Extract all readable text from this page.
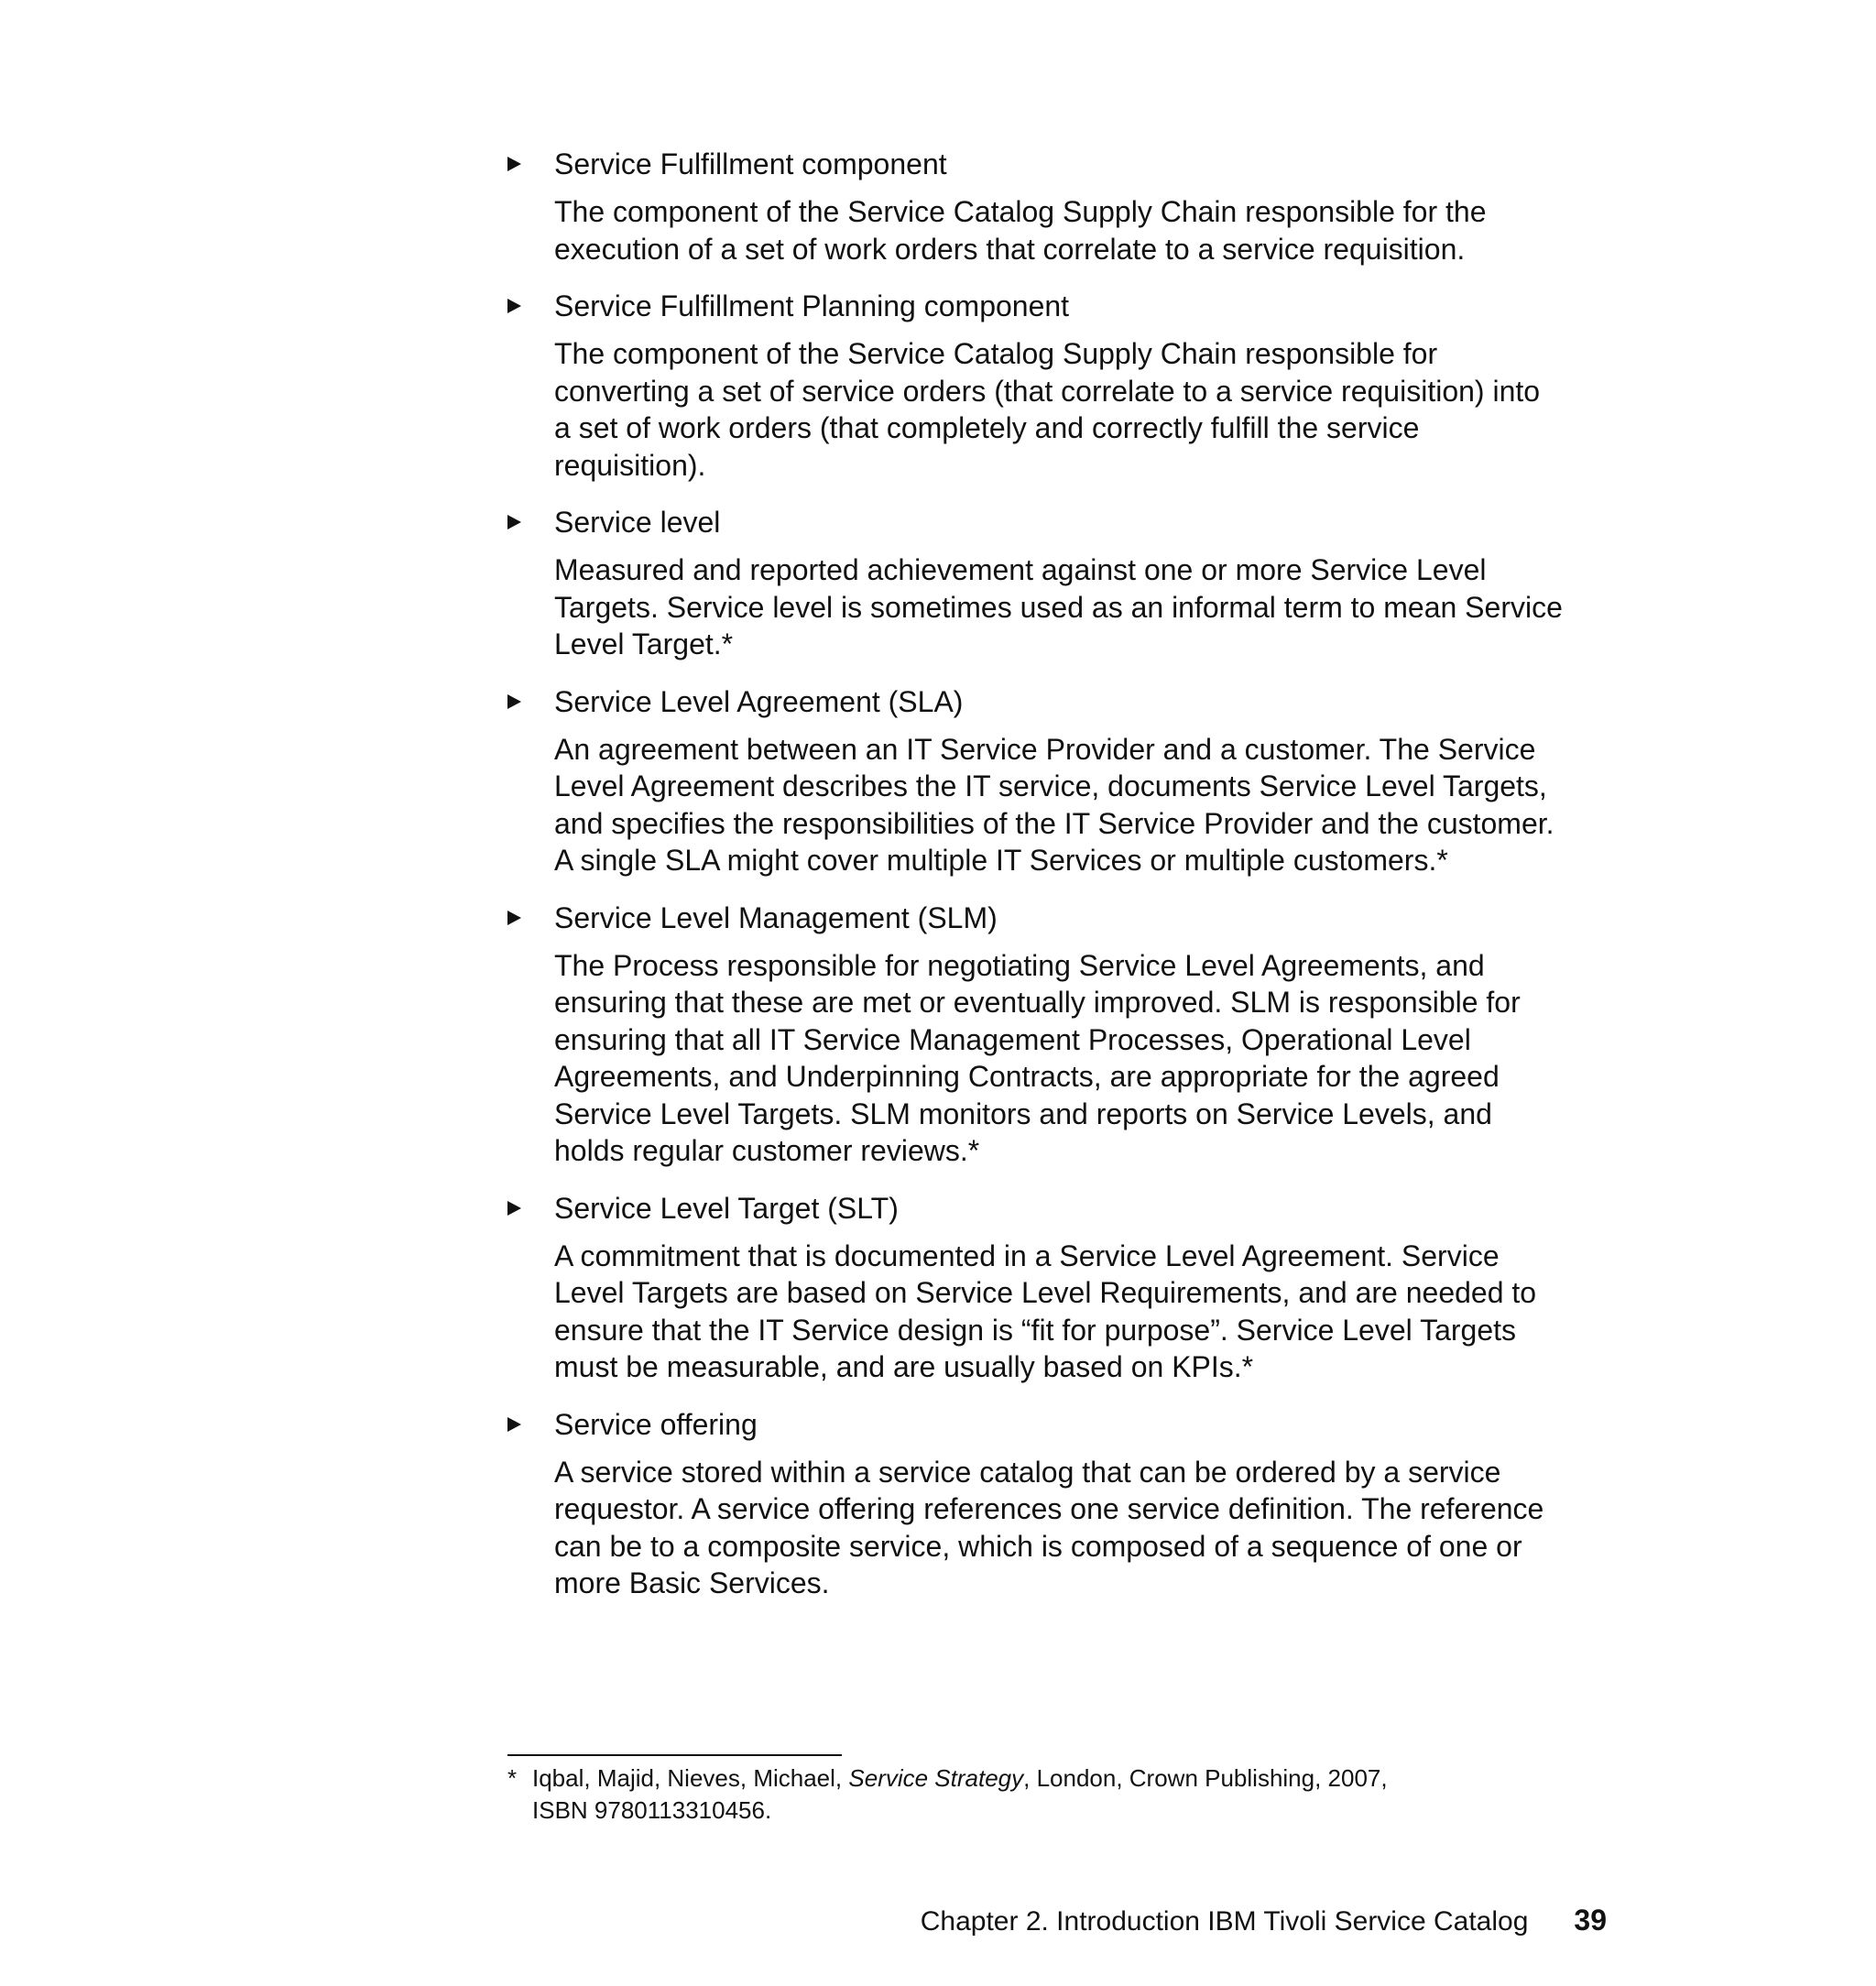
Service Fulfillment component
The component of the Service Catalog Supply Chain responsible for the
execution of a set of work orders that correlate to a service requisition.
Service Fulfillment Planning component
The component of the Service Catalog Supply Chain responsible for
converting a set of service orders (that correlate to a service requisition) into
a set of work orders (that completely and correctly fulfill the service
requisition).
Service level
Measured and reported achievement against one or more Service Level
Targets. Service level is sometimes used as an informal term to mean Service
Level Target.*
Service Level Agreement (SLA)
An agreement between an IT Service Provider and a customer. The Service
Level Agreement describes the IT service, documents Service Level Targets,
and specifies the responsibilities of the IT Service Provider and the customer.
A single SLA might cover multiple IT Services or multiple customers.*
Service Level Management (SLM)
The Process responsible for negotiating Service Level Agreements, and
ensuring that these are met or eventually improved. SLM is responsible for
ensuring that all IT Service Management Processes, Operational Level
Agreements, and Underpinning Contracts, are appropriate for the agreed
Service Level Targets. SLM monitors and reports on Service Levels, and
holds regular customer reviews.*
Service Level Target (SLT)
A commitment that is documented in a Service Level Agreement. Service
Level Targets are based on Service Level Requirements, and are needed to
ensure that the IT Service design is “fit for purpose”. Service Level Targets
must be measurable, and are usually based on KPIs.*
Service offering
A service stored within a service catalog that can be ordered by a service
requestor. A service offering references one service definition. The reference
can be to a composite service, which is composed of a sequence of one or
more Basic Services.
* Iqbal, Majid, Nieves, Michael, Service Strategy, London, Crown Publishing, 2007,
ISBN 9780113310456.
Chapter 2. Introduction IBM Tivoli Service Catalog 39
